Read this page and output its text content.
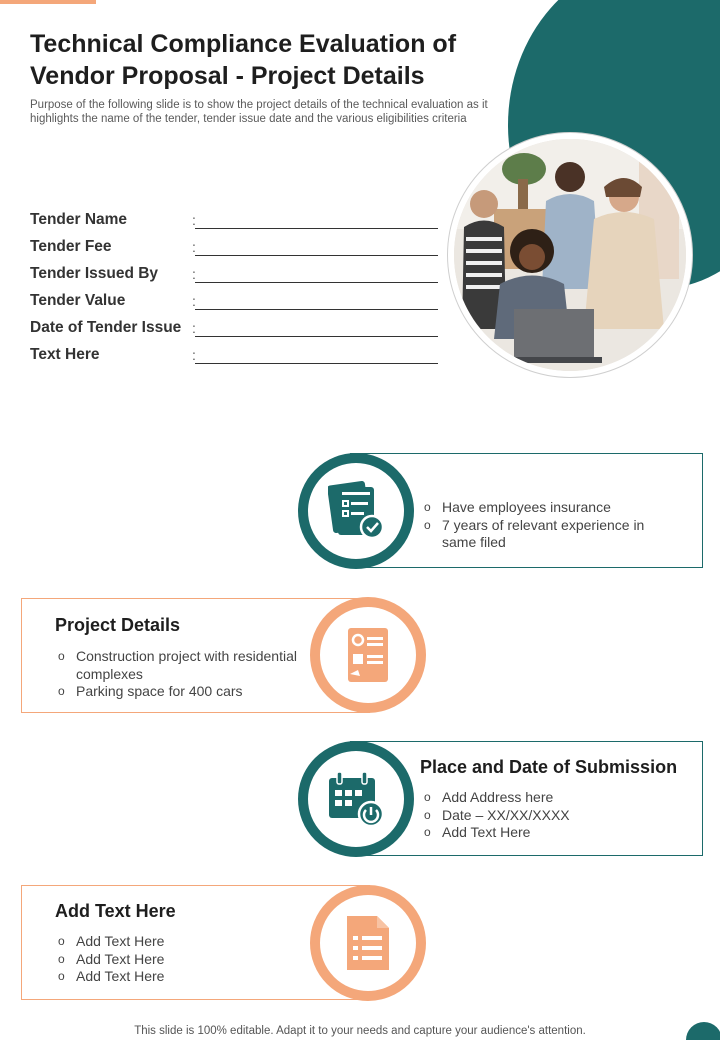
Technical Compliance Evaluation of Vendor Proposal - Project Details

Purpose of the following slide is to show the project details of the technical evaluation as it highlights the name of the tender, tender issue date and the various eligibilities criteria

Tender Name	:
Tender Fee	:
Tender Issued By :
Tender Value	:
Date of Tender Issue :
Text Here	:
o Have employees insurance
o 7 years of relevant experience in same filed
Project Details
o Construction project with residential complexes
o Parking space for 400 cars
Place and Date of Submission
o Add Address here
o Date – XX/XX/XXXX
o Add Text Here
Add Text Here
o Add Text Here
o Add Text Here
o Add Text Here
This slide is 100% editable. Adapt it to your needs and capture your audience's attention.
